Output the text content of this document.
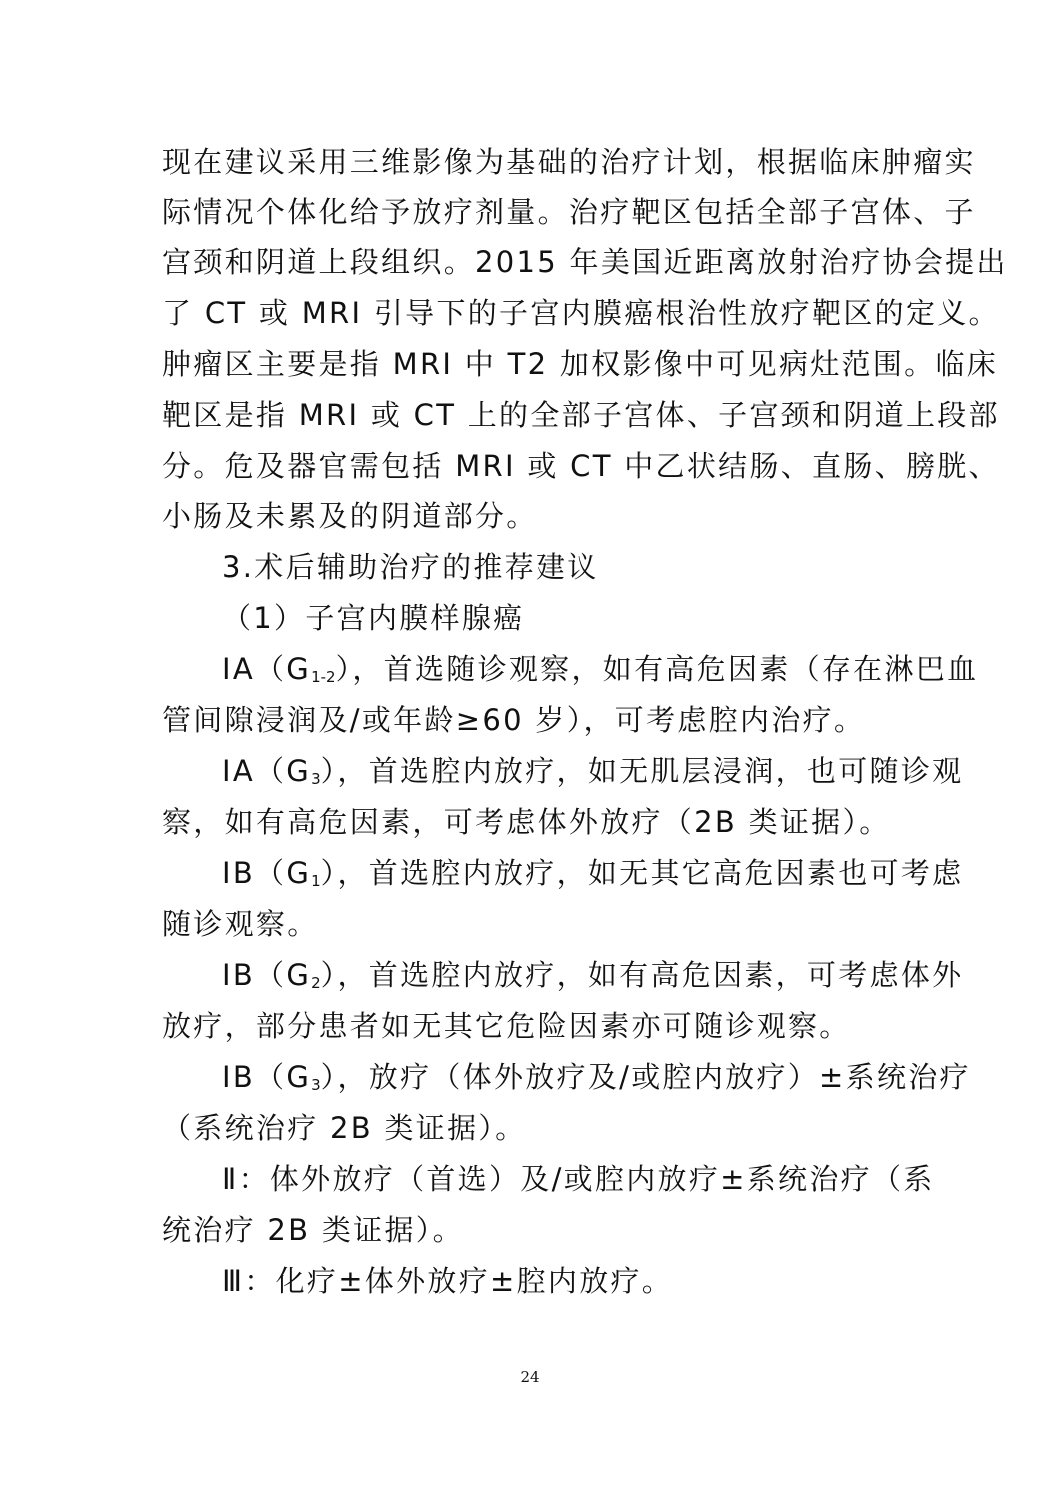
现在建议采用三维影像为基础的治疗计划，根据临床肿瘤实
际情况个体化给予放疗剂量。治疗靶区包括全部子宫体、子
宫颈和阴道上段组织。2015 年美国近距离放射治疗协会提出
了 CT 或 MRI 引导下的子宫内膜癌根治性放疗靶区的定义。
肿瘤区主要是指 MRI 中 T2 加权影像中可见病灶范围。临床
靶区是指 MRI 或 CT 上的全部子宫体、子宫颈和阴道上段部
分。危及器官需包括 MRI 或 CT 中乙状结肠、直肠、膀胱、
小肠及未累及的阴道部分。
3.术后辅助治疗的推荐建议
（1）子宫内膜样腺癌
$ⅠA(G_{1-2})$，首选随诊观察，如有高危因素（存在淋巴血
管间隙浸润及/或年龄≥60 岁），可考虑腔内治疗。
$ⅠA(G_3)$，首选腔内放疗，如无肌层浸润，也可随诊观
察，如有高危因素，可考虑体外放疗（2B 类证据）。
$ⅠB(G_1)$，首选腔内放疗，如无其它高危因素也可考虑
随诊观察。
$ⅠB(G_2)$，首选腔内放疗，如有高危因素，可考虑体外
放疗，部分患者如无其它危险因素亦可随诊观察。
$ⅠB(G_3)$，放疗（体外放疗及/或腔内放疗）±系统治疗
（系统治疗 2B 类证据）。
Ⅱ：体外放疗（首选）及/或腔内放疗±系统治疗（系
统治疗 2B 类证据）。
Ⅲ：化疗±体外放疗±腔内放疗。
24
